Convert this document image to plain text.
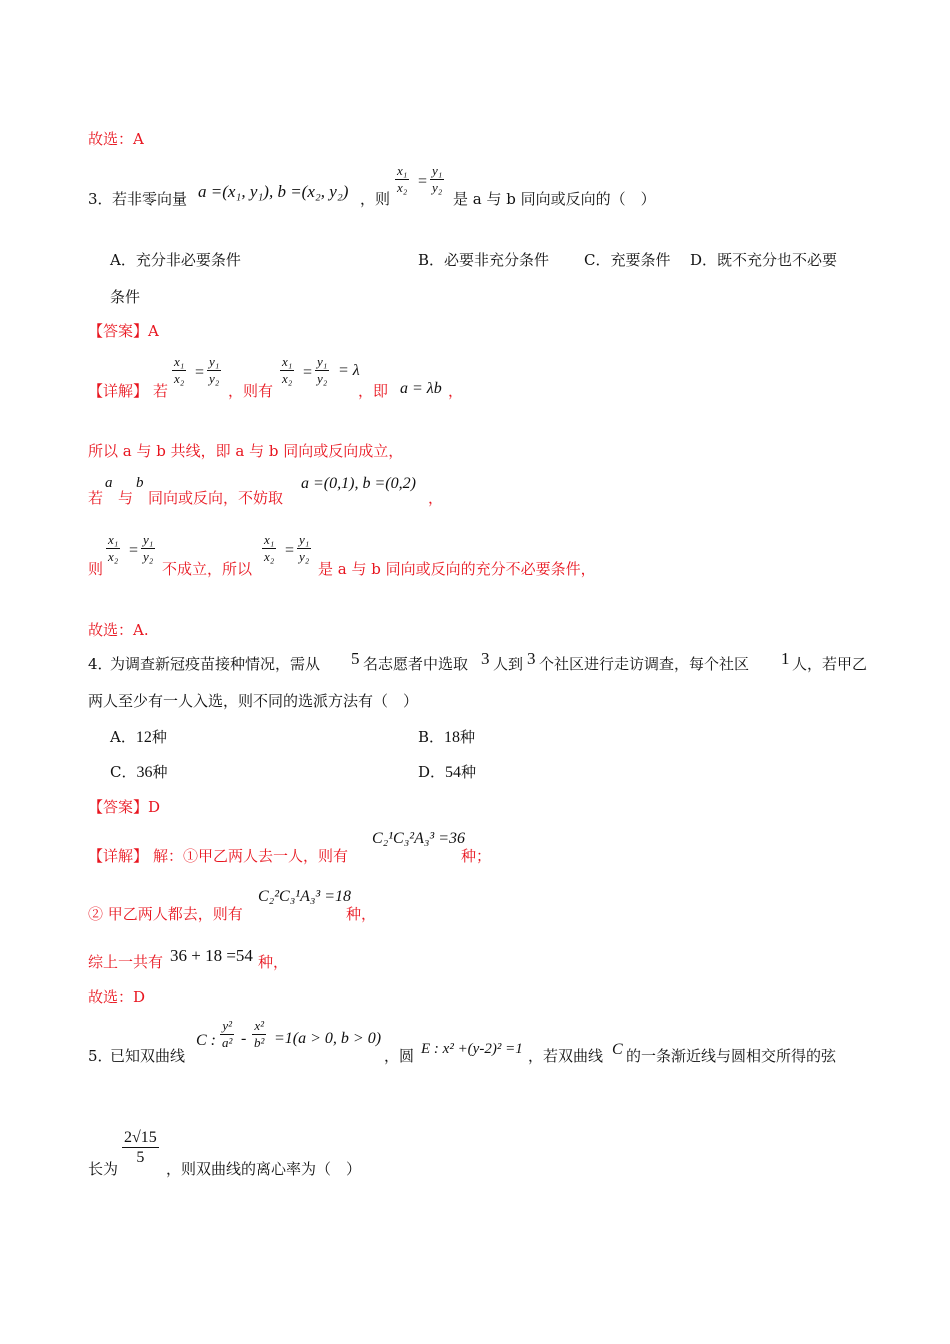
故选：A
3． 若非零向量 a =(x₁, y₁), b =(x₂, y₂) ，则
x₁
x₂ =
y₁
y₂
是 a 与 b 同向或反向的（　）
A．充分非必要条件	B．必要非充分条件 C．充要条件 D．既不充分也不必要
条件
【答案】A
【详解】 若
x₁
x₂ =
y₁
y₂
，则有
x₁
x₂ =
y₁
y₂ = λ
，即 a = λb ，
所以 a 与 b 共线，即 a 与 b 同向或反向成立，
若
a
与
b
同向或反向，不妨取
a =(0,1), b =(0,2)
，
则
x₁
x₂ =
y₁
y₂
不成立，所以
x₁
x₂ =
y₁
y₂
是 a 与 b 同向或反向的充分不必要条件，
故选：A.
4．
为调查新冠疫苗接种情况，需从 5 名志愿者中选取 3 人到 3 个社区进行走访调查，每个社区 1 人，若甲乙
两人至少有一人入选，则不同的选派方法有（　）
A．12种	B．18种
C．36种	D．54种
【答案】D
【详解】 解：①甲乙两人去一人，则有
C₂¹C₃²A₃³ =36
种；
② 甲乙两人都去，则有
C₂²C₃¹A₃³ =18
种，
综上一共有 36 + 18 =54 种，
故选：D
5．
已知双曲线
C :
y²
a² -
x²
b² =1(a > 0, b > 0)
，圆 E : x² +(y-2)² =1 ，若双曲线 C 的一条渐近线与圆相交所得的弦
长为
2√15
5
，则双曲线的离心率为（　）
